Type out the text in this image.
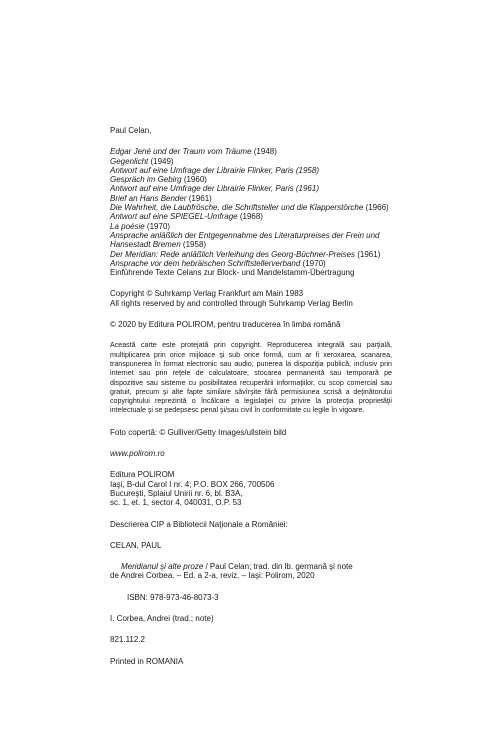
Paul Celan,
Edgar Jené und der Traum vom Träume (1948)
Gegenlicht (1949)
Antwort auf eine Umfrage der Librairie Flinker, Paris (1958)
Gespräch im Gebirg (1960)
Antwort auf eine Umfrage der Librairie Flinker, Paris (1961)
Brief an Hans Bender (1961)
Die Wahrheit, die Laubfrösche, die Schriftsteller und die Klapperstörche (1966)
Antwort auf eine SPIEGEL-Umfrage (1968)
La poésie (1970)
Ansprache anläßlich der Entgegennahme des Literaturpreises der Frein und
Hansestadt Bremen (1958)
Der Meridian: Rede anläßlich Verleihung des Georg-Büchner-Preises (1961)
Ansprache vor dem hebräischen Schriftstellerverband (1970)
Einführende Texte Celans zur Block- und Mandelstamm-Übertragung
Copyright © Suhrkamp Verlag Frankfurt am Main 1983
All rights reserved by and controlled through Suhrkamp Verlag Berlin
© 2020 by Editura POLIROM, pentru traducerea în limba română
Această carte este protejată prin copyright. Reproducerea integrală sau parţială, multiplicarea prin orice mijloace şi sub orice formă, cum ar fi xeroxarea, scanarea, transpunerea în format electronic sau audio, punerea la dispoziţia publică, inclusiv prin internet sau prin reţele de calculatoare, stocarea permanentă sau temporară pe dispozitive sau sisteme cu posibilitatea recuperării informaţiilor, cu scop comercial sau gratuit, precum şi alte fapte similare săvîrşite fără permisiunea scrisă a deţinătorului copyrightului reprezintă o încălcare a legislaţiei cu privire la protecţia proprietăţii intelectuale şi se pedepsesc penal şi/sau civil în conformitate cu legile în vigoare.
Foto copertă: © Gulliver/Getty Images/ullstein bild
www.polirom.ro
Editura POLIROM
Iaşi, B-dul Carol I nr. 4; P.O. BOX 266, 700506
Bucureşti, Splaiul Unirii nr. 6, bl. B3A,
sc. 1, et. 1, sector 4, 040031, O.P. 53
Descrierea CIP a Bibliotecii Naţionale a României:
CELAN, PAUL
Meridianul şi alte proze / Paul Celan; trad. din lb. germană şi note
de Andrei Corbea. – Ed. a 2-a, reviz. – Iaşi: Polirom, 2020
ISBN: 978-973-46-8073-3
I. Corbea, Andrei (trad.; note)
821.112.2
Printed in ROMANIA
